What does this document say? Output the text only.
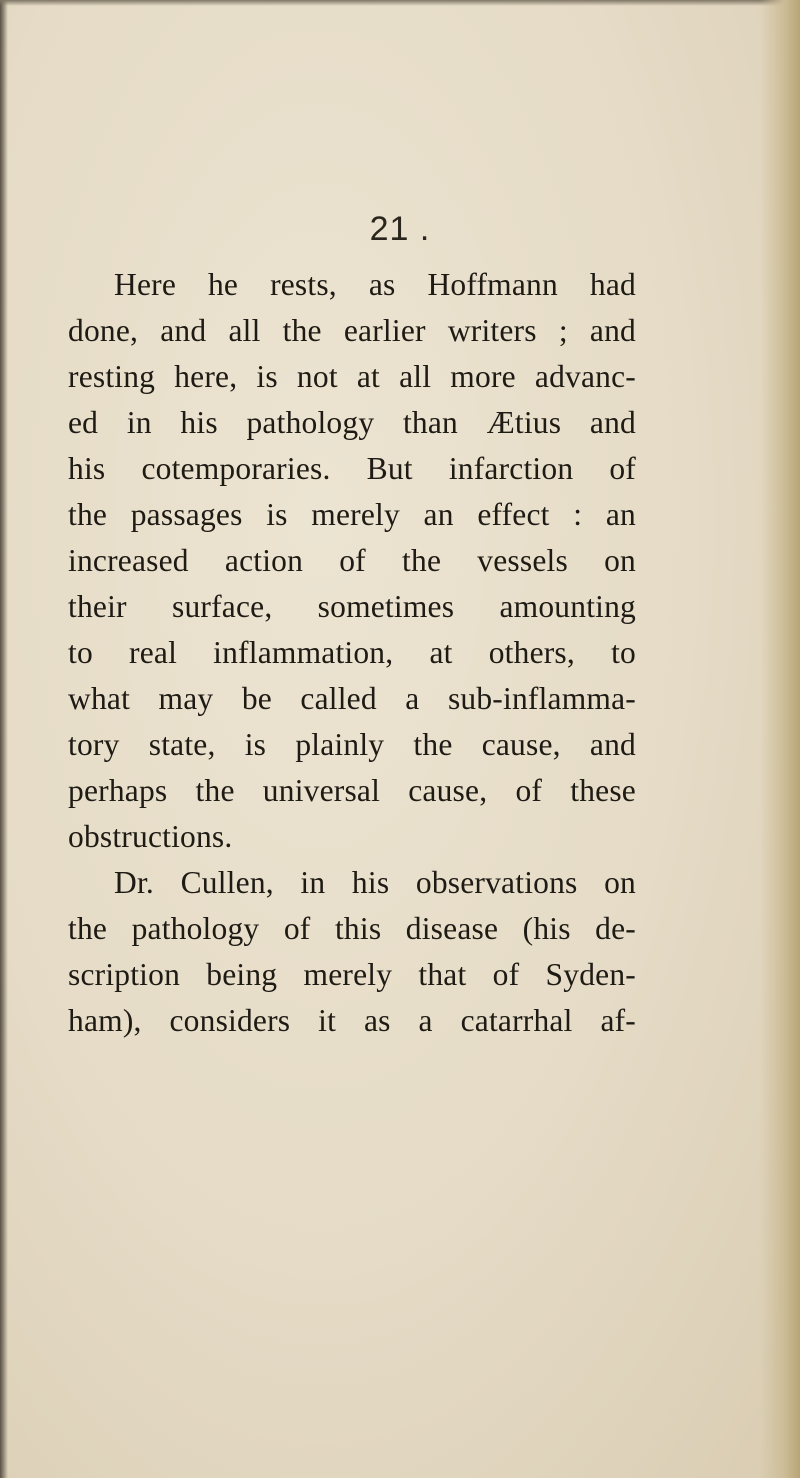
21 .

Here he rests, as Hoffmann had
done, and all the earlier writers ; and
resting here, is not at all more advanc-
ed in his pathology than Ætius and
his cotemporaries. But infarction of
the passages is merely an effect : an
increased action of the vessels on
their surface, sometimes amounting
to real inflammation, at others, to
what may be called a sub-inflamma-
tory state, is plainly the cause, and
perhaps the universal cause, of these
obstructions.
Dr. Cullen, in his observations on
the pathology of this disease (his de-
scription being merely that of Syden-
ham), considers it as a catarrhal af-
